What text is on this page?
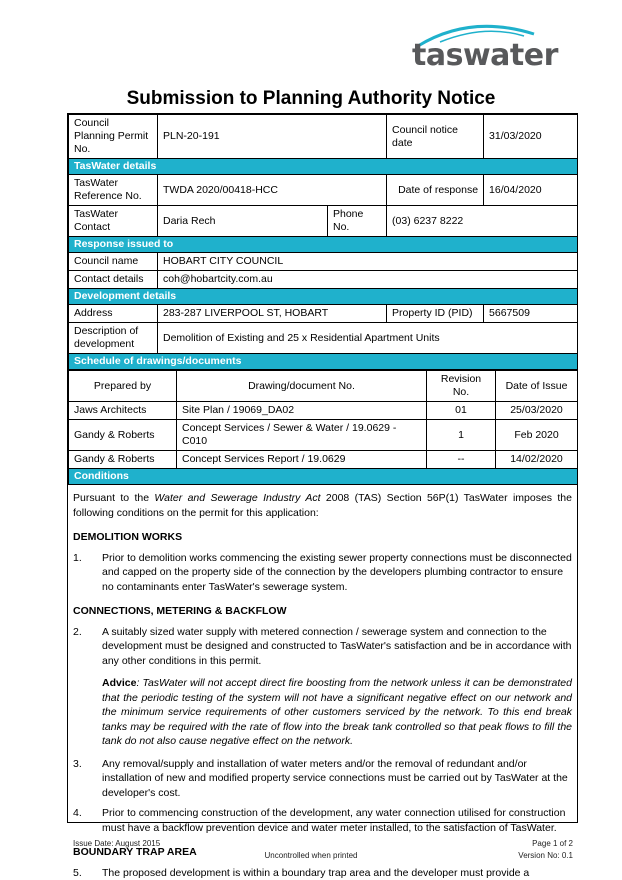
taswater
Submission to Planning Authority Notice
Council Planning Permit No.	PLN-20-191		Council notice date	31/03/2020
TasWater details				
TasWater Reference No.	TWDA 2020/00418-HCC		Date of response	16/04/2020
TasWater Contact	Daria Rech	Phone No.	(03) 6237 8222	
Response issued to				
Council name	HOBART CITY COUNCIL			
Contact details	coh@hobartcity.com.au			
Development details				
Address	283-287 LIVERPOOL ST, HOBART		Property ID (PID)	5667509
Description of development	Demolition of Existing and 25 x Residential Apartment Units			
Schedule of drawings/documents				
Prepared by	Drawing/document No.	Revision No.	Date of Issue
Jaws Architects	Site Plan / 19069_DA02	01	25/03/2020
Gandy & Roberts	Concept Services / Sewer & Water / 19.0629 - C010	1	Feb 2020
Gandy & Roberts	Concept Services Report / 19.0629	--	14/02/2020
Conditions			

Pursuant to the Water and Sewerage Industry Act 2008 (TAS) Section 56P(1) TasWater imposes the following conditions on the permit for this application:

DEMOLITION WORKS
1.	Prior to demolition works commencing the existing sewer property connections must be disconnected and capped on the property side of the connection by the developers plumbing contractor to ensure no contaminants enter TasWater's sewerage system.
CONNECTIONS, METERING & BACKFLOW
2.	A suitably sized water supply with metered connection / sewerage system and connection to the development must be designed and constructed to TasWater's satisfaction and be in accordance with any other conditions in this permit.
Advice: TasWater will not accept direct fire boosting from the network unless it can be demonstrated that the periodic testing of the system will not have a significant negative effect on our network and the minimum service requirements of other customers serviced by the network. To this end break tanks may be required with the rate of flow into the break tank controlled so that peak flows to fill the tank do not also cause negative effect on the network.
3.	Any removal/supply and installation of water meters and/or the removal of redundant and/or installation of new and modified property service connections must be carried out by TasWater at the developer's cost.
4.	Prior to commencing construction of the development, any water connection utilised for construction must have a backflow prevention device and water meter installed, to the satisfaction of TasWater.
BOUNDARY TRAP AREA
5.	The proposed development is within a boundary trap area and the developer must provide a
Issue Date: August 2015
Uncontrolled when printed
Page 1 of 2
Version No: 0.1
